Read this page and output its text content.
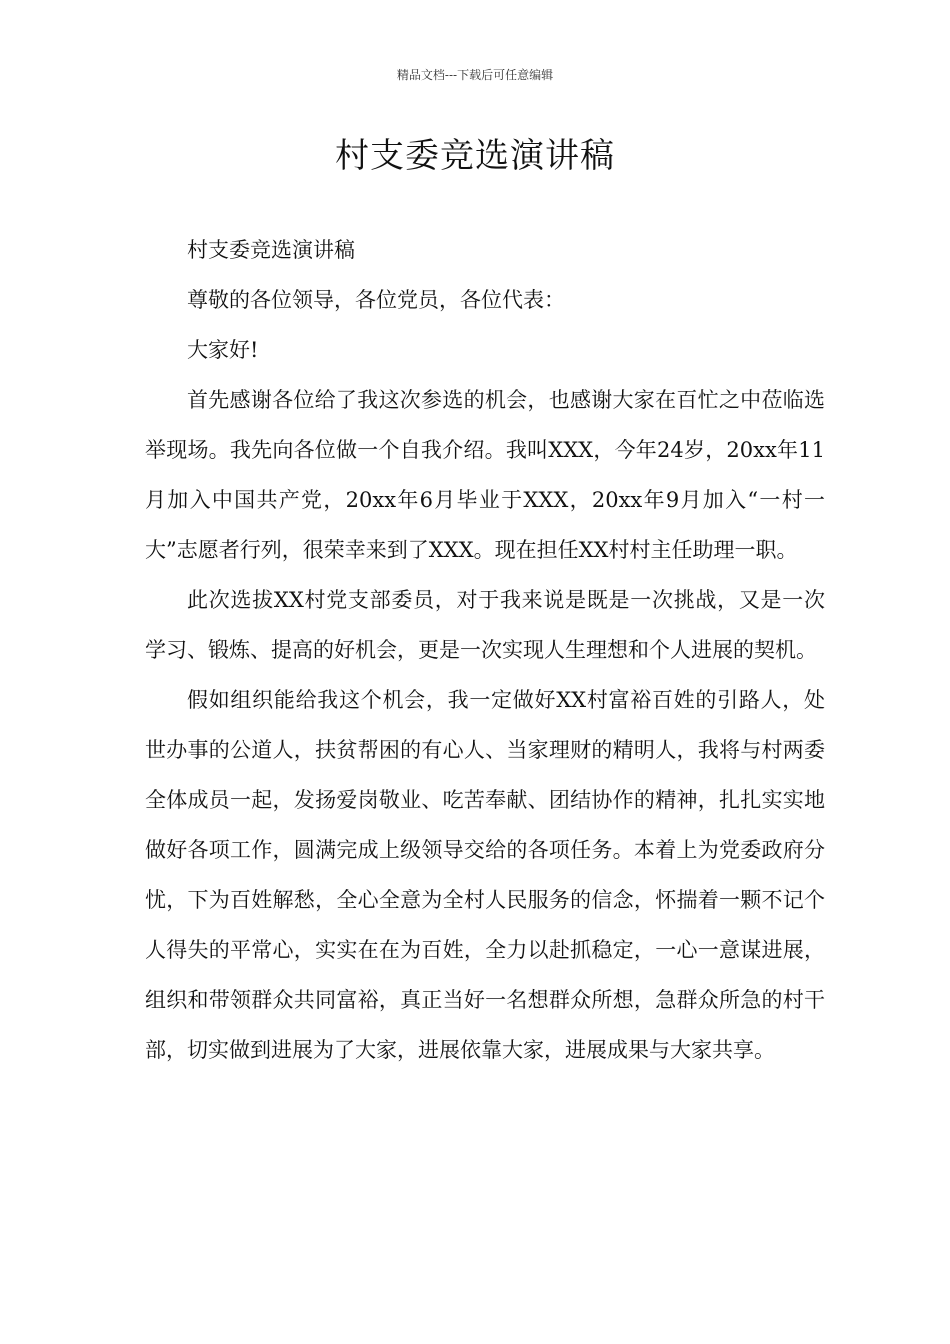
精品文档---下载后可任意编辑
村支委竞选演讲稿

村支委竞选演讲稿

尊敬的各位领导，各位党员，各位代表：

大家好!

首先感谢各位给了我这次参选的机会，也感谢大家在百忙之中莅临选举现场。我先向各位做一个自我介绍。我叫XXX，今年24岁，20xx年11月加入中国共产党，20xx年6月毕业于XXX，20xx年9月加入“一村一大”志愿者行列，很荣幸来到了XXX。现在担任XX村村主任助理一职。

此次选拔XX村党支部委员，对于我来说是既是一次挑战，又是一次学习、锻炼、提高的好机会，更是一次实现人生理想和个人进展的契机。

假如组织能给我这个机会，我一定做好XX村富裕百姓的引路人，处世办事的公道人，扶贫帮困的有心人、当家理财的精明人，我将与村两委全体成员一起，发扬爱岗敬业、吃苦奉献、团结协作的精神，扎扎实实地做好各项工作，圆满完成上级领导交给的各项任务。本着上为党委政府分忧，下为百姓解愁，全心全意为全村人民服务的信念，怀揣着一颗不记个人得失的平常心，实实在在为百姓，全力以赴抓稳定，一心一意谋进展，组织和带领群众共同富裕，真正当好一名想群众所想，急群众所急的村干部，切实做到进展为了大家，进展依靠大家，进展成果与大家共享。
